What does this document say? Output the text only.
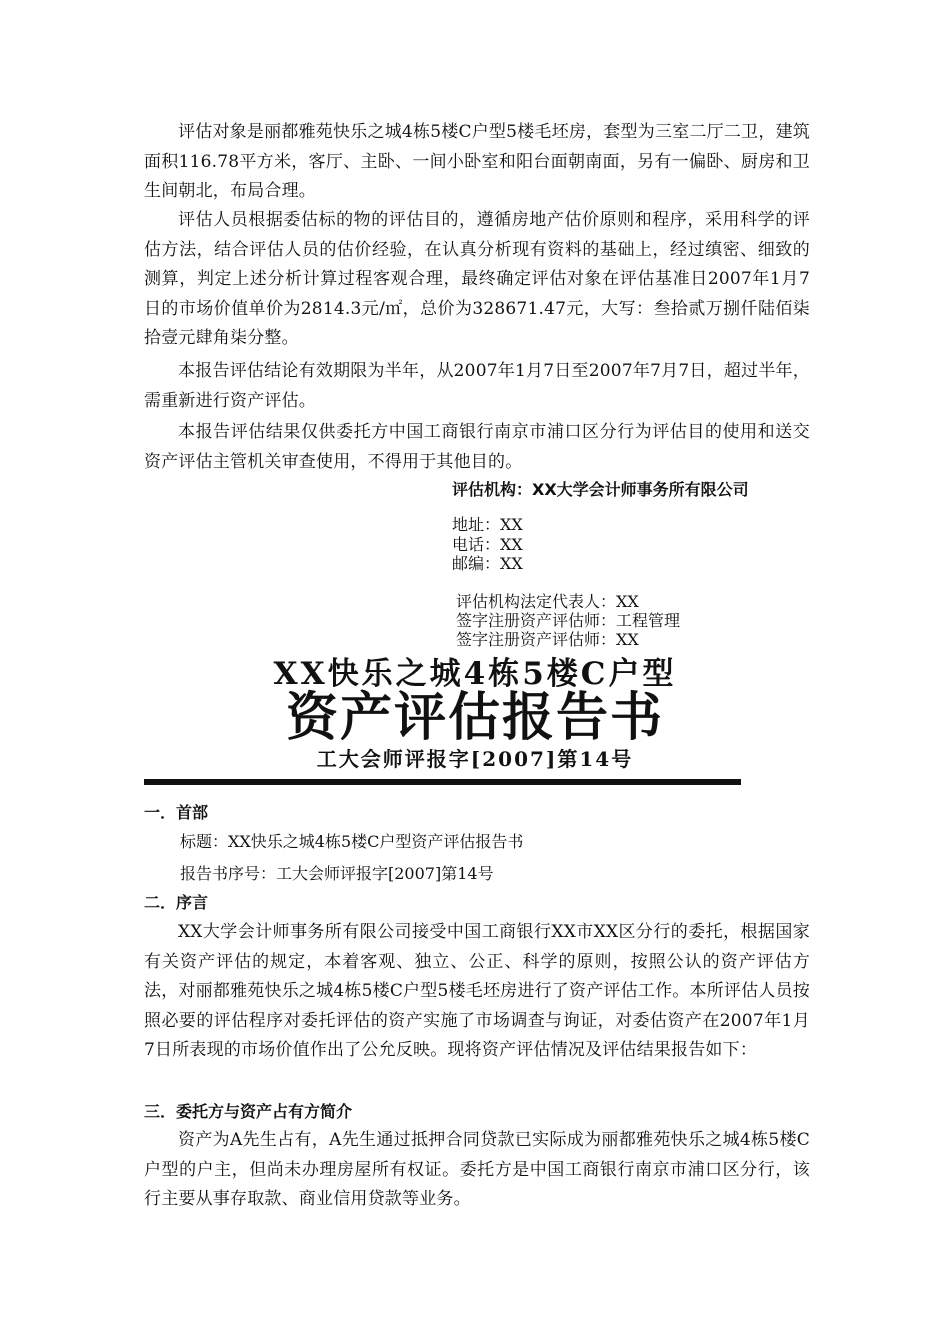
评估对象是丽都雅苑快乐之城4栋5楼C户型5楼毛坯房，套型为三室二厅二卫，建筑面积116.78平方米，客厅、主卧、一间小卧室和阳台面朝南面，另有一偏卧、厨房和卫生间朝北，布局合理。

评估人员根据委估标的物的评估目的，遵循房地产估价原则和程序，采用科学的评估方法，结合评估人员的估价经验，在认真分析现有资料的基础上，经过缜密、细致的测算，判定上述分析计算过程客观合理，最终确定评估对象在评估基准日2007年1月7日的市场价值单价为2814.3元/㎡，总价为328671.47元，大写：叁拾贰万捌仟陆佰柒拾壹元肆角柒分整。

本报告评估结论有效期限为半年，从2007年1月7日至2007年7月7日，超过半年，需重新进行资产评估。

本报告评估结果仅供委托方中国工商银行南京市浦口区分行为评估目的使用和送交资产评估主管机关审查使用，不得用于其他目的。

评估机构：XX大学会计师事务所有限公司
地址：XX
电话：XX
邮编：XX
评估机构法定代表人：XX
签字注册资产评估师：工程管理
签字注册资产评估师：XX
XX快乐之城4栋5楼C户型
资产评估报告书
工大会师评报字[2007]第14号
一．首部
标题：XX快乐之城4栋5楼C户型资产评估报告书
报告书序号：工大会师评报字[2007]第14号
二．序言

XX大学会计师事务所有限公司接受中国工商银行XX市XX区分行的委托，根据国家有关资产评估的规定，本着客观、独立、公正、科学的原则，按照公认的资产评估方法，对丽都雅苑快乐之城4栋5楼C户型5楼毛坯房进行了资产评估工作。本所评估人员按照必要的评估程序对委托评估的资产实施了市场调查与询证，对委估资产在2007年1月7日所表现的市场价值作出了公允反映。现将资产评估情况及评估结果报告如下：

三．委托方与资产占有方简介

资产为A先生占有，A先生通过抵押合同贷款已实际成为丽都雅苑快乐之城4栋5楼C户型的户主，但尚未办理房屋所有权证。委托方是中国工商银行南京市浦口区分行，该行主要从事存取款、商业信用贷款等业务。
